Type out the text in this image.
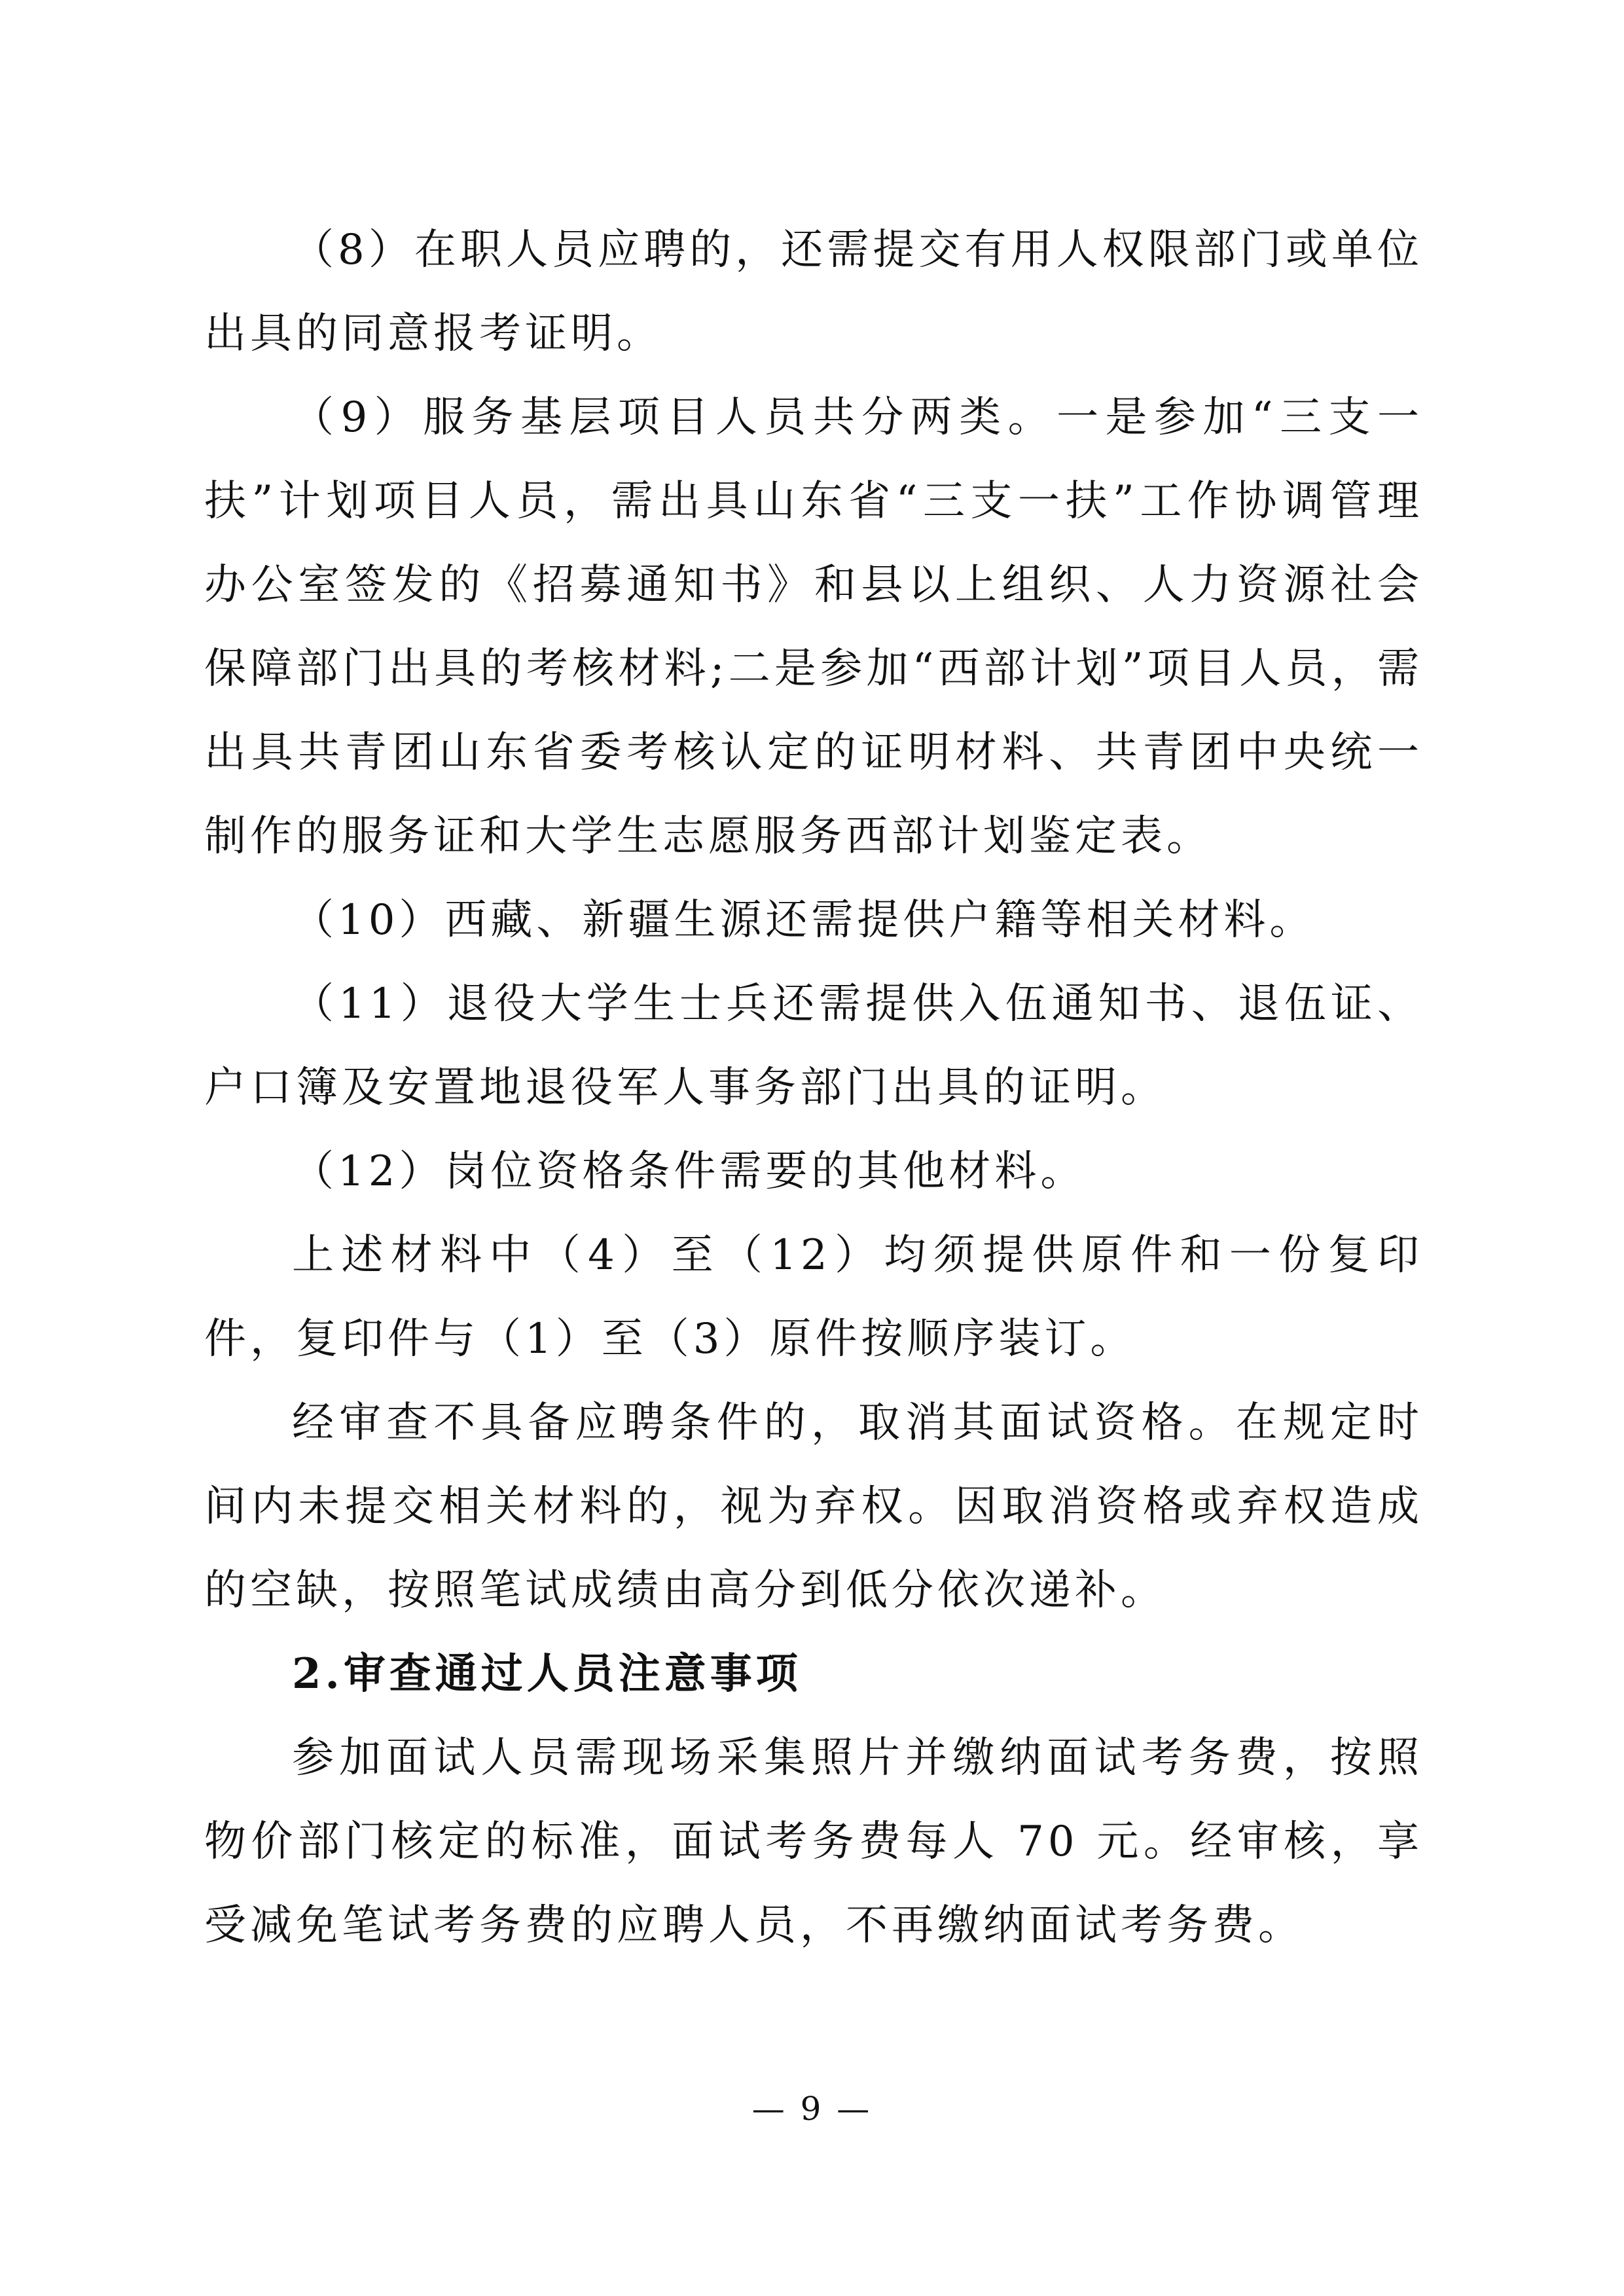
（8）在职人员应聘的，还需提交有用人权限部门或单位出具的同意报考证明。

（9）服务基层项目人员共分两类。一是参加“三支一扶”计划项目人员，需出具山东省“三支一扶”工作协调管理办公室签发的《招募通知书》和县以上组织、人力资源社会保障部门出具的考核材料;二是参加“西部计划”项目人员，需出具共青团山东省委考核认定的证明材料、共青团中央统一制作的服务证和大学生志愿服务西部计划鉴定表。

（10）西藏、新疆生源还需提供户籍等相关材料。

（11）退役大学生士兵还需提供入伍通知书、退伍证、户口簿及安置地退役军人事务部门出具的证明。

（12）岗位资格条件需要的其他材料。

上述材料中（4）至（12）均须提供原件和一份复印件，复印件与（1）至（3）原件按顺序装订。

经审查不具备应聘条件的，取消其面试资格。在规定时间内未提交相关材料的，视为弃权。因取消资格或弃权造成的空缺，按照笔试成绩由高分到低分依次递补。

2.审查通过人员注意事项

参加面试人员需现场采集照片并缴纳面试考务费，按照物价部门核定的标准，面试考务费每人 70 元。经审核，享受减免笔试考务费的应聘人员，不再缴纳面试考务费。

— 9 —
